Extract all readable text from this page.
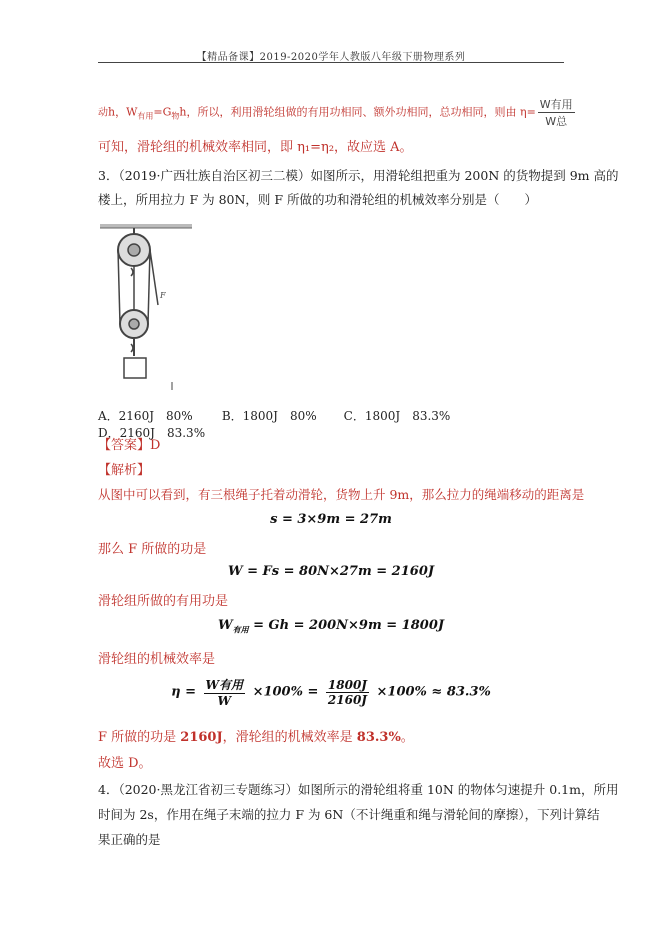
【精品备课】2019-2020学年人教版八年级下册物理系列
动h，$W_{有用}=G_物h$，所以，利用滑轮组做的有用功相同、额外功相同，总功相同，则由 $\eta= \frac{\text{W有用}}{\text{W总}}$
可知，滑轮组的机械效率相同，即 η₁=η₂，故应选 A。
3．（2019·广西壮族自治区初三二模）如图所示，用滑轮组把重为 200N 的货物提到 9m 高的
楼上，所用拉力 F 为 80N，则 F 所做的功和滑轮组的机械效率分别是（　　）
F
A．2160J　80% B．1800J　80% C．1800J　83.3% D．2160J　83.3%
【答案】D
【解析】
从图中可以看到，有三根绳子托着动滑轮，货物上升 9m，那么拉力的绳端移动的距离是
s = 3×9m = 27m
那么 F 所做的功是
W = Fs = 80N×27m = 2160J
滑轮组所做的有用功是
$W_{有用} = Gh = 200N\times 9m = 1800J$
滑轮组的机械效率是
$\eta = \frac{\text{W有用}}{W} \times 100\% = \frac{1800J}{2160J} \times 100\% \approx 83.3\%$
F 所做的功是 2160J，滑轮组的机械效率是 83.3%。
故选 D。
4．（2020·黑龙江省初三专题练习）如图所示的滑轮组将重 10N 的物体匀速提升 0.1m，所用
时间为 2s，作用在绳子末端的拉力 F 为 6N（不计绳重和绳与滑轮间的摩擦），下列计算结
果正确的是
